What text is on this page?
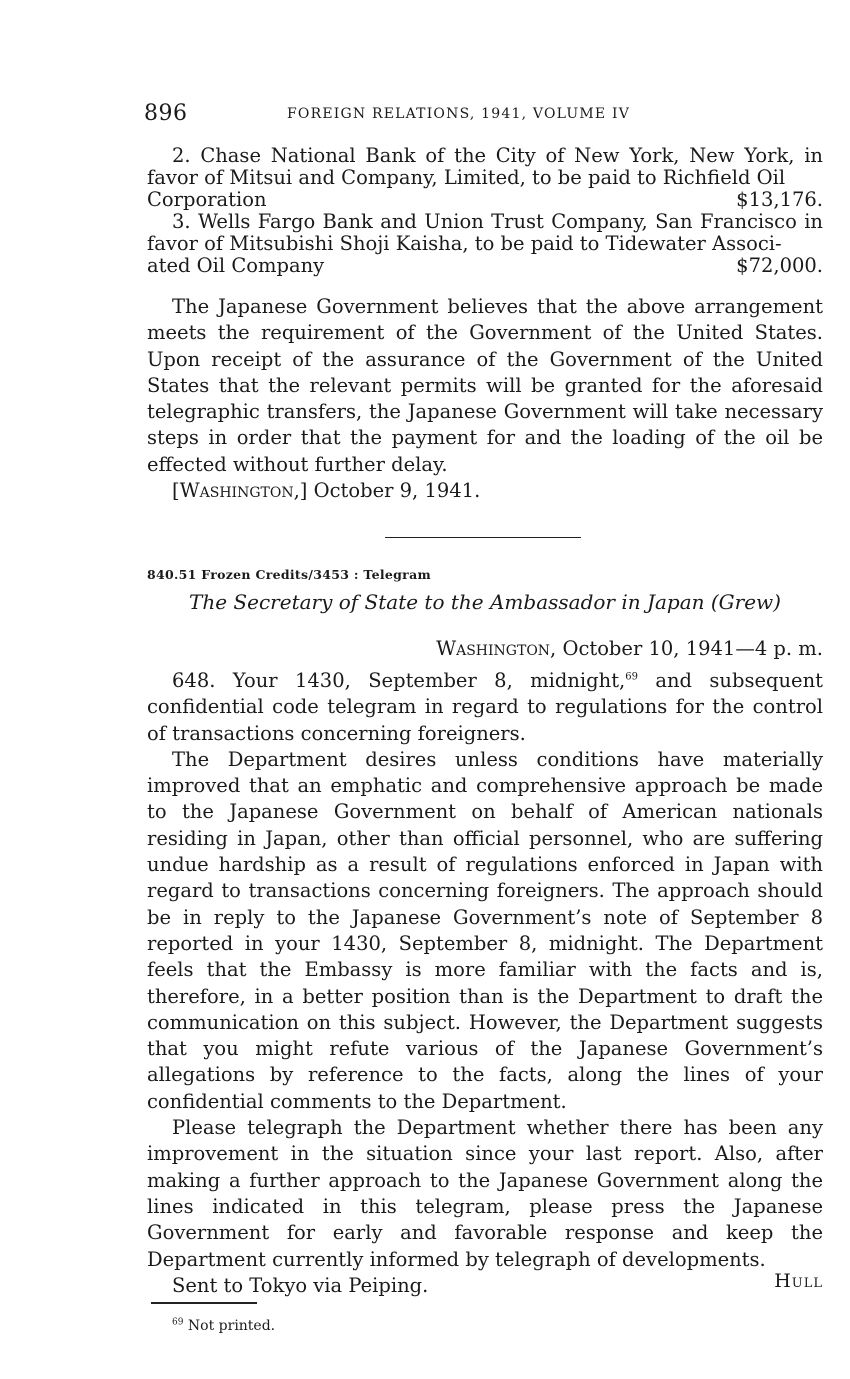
896	FOREIGN RELATIONS, 1941, VOLUME IV
2. Chase National Bank of the City of New York, New York, in favor of Mitsui and Company, Limited, to be paid to Richfield Oil
Corporation	$13,176.
3. Wells Fargo Bank and Union Trust Company, San Francisco in favor of Mitsubishi Shoji Kaisha, to be paid to Tidewater Associ-
ated Oil Company	$72,000.

The Japanese Government believes that the above arrangement meets the requirement of the Government of the United States. Upon receipt of the assurance of the Government of the United States that the relevant permits will be granted for the aforesaid telegraphic transfers, the Japanese Government will take necessary steps in order that the payment for and the loading of the oil be effected without further delay.

[Washington,] October 9, 1941.

840.51 Frozen Credits/3453 : Telegram
The Secretary of State to the Ambassador in Japan (Grew)
Washington, October 10, 1941—4 p. m.

648. Your 1430, September 8, midnight,$^{69}$ and subsequent confidential code telegram in regard to regulations for the control of transactions concerning foreigners.

The Department desires unless conditions have materially improved that an emphatic and comprehensive approach be made to the Japanese Government on behalf of American nationals residing in Japan, other than official personnel, who are suffering undue hardship as a result of regulations enforced in Japan with regard to transactions concerning foreigners. The approach should be in reply to the Japanese Government’s note of September 8 reported in your 1430, September 8, midnight. The Department feels that the Embassy is more familiar with the facts and is, therefore, in a better position than is the Department to draft the communication on this subject. However, the Department suggests that you might refute various of the Japanese Government’s allegations by reference to the facts, along the lines of your confidential comments to the Department.

Please telegraph the Department whether there has been any improvement in the situation since your last report. Also, after making a further approach to the Japanese Government along the lines indicated in this telegram, please press the Japanese Government for early and favorable response and keep the Department currently informed by telegraph of developments.

Sent to Tokyo via Peiping.	Hull
$^{69}$ Not printed.
